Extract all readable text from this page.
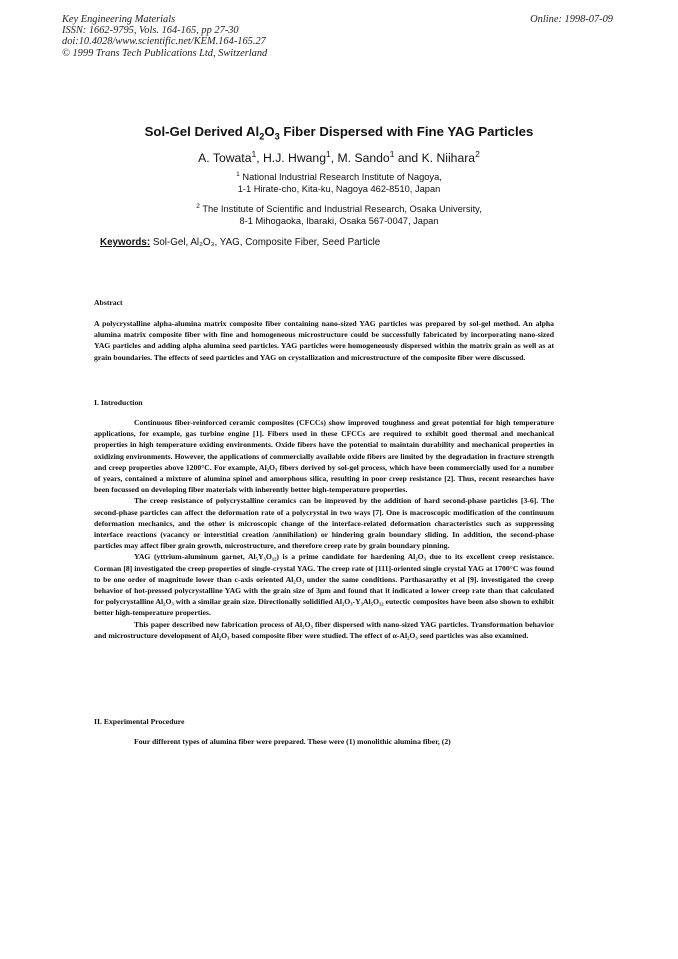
Key Engineering Materials
ISSN: 1662-9795, Vols. 164-165, pp 27-30
doi:10.4028/www.scientific.net/KEM.164-165.27
© 1999 Trans Tech Publications Ltd, Switzerland
Online: 1998-07-09
Sol-Gel Derived $Al_2O_3$ Fiber Dispersed with Fine YAG Particles
A. Towata$^1$, H.J. Hwang$^1$, M. Sando$^1$ and K. Niihara$^2$
$^1$ National Industrial Research Institute of Nagoya,
1-1 Hirate-cho, Kita-ku, Nagoya 462-8510, Japan
$^2$ The Institute of Scientific and Industrial Research, Osaka University,
8-1 Mihogaoka, Ibaraki, Osaka 567-0047, Japan
Keywords: Sol-Gel, Al₂O₃, YAG, Composite Fiber, Seed Particle
Abstract

A polycrystalline alpha-alumina matrix composite fiber containing nano-sized YAG particles was prepared by sol-gel method. An alpha alumina matrix composite fiber with fine and homogeneous microstructure could be successfully fabricated by incorporating nano-sized YAG particles and adding alpha alumina seed particles. YAG particles were homogeneously dispersed within the matrix grain as well as at grain boundaries. The effects of seed particles and YAG on crystallization and microstructure of the composite fiber were discussed.

I. Introduction

Continuous fiber-reinforced ceramic composites (CFCCs) show improved toughness and great potential for high temperature applications, for example, gas turbine engine [1]. Fibers used in these CFCCs are required to exhibit good thermal and mechanical properties in high temperature oxiding environments. Oxide fibers have the potential to maintain durability and mechanical properties in oxidizing environments. However, the applications of commercially available oxide fibers are limited by the degradation in fracture strength and creep properties above 1200°C. For example, Al₂O₃ fibers derived by sol-gel process, which have been commercially used for a number of years, contained a mixture of alumina spinel and amorphous silica, resulting in poor creep resistance [2]. Thus, recent researches have been focussed on developing fiber materials with inherently better high-temperature properties.

The creep resistance of polycrystalline ceramics can be improved by the addition of hard second-phase particles [3-6]. The second-phase particles can affect the deformation rate of a polycrystal in two ways [7]. One is macroscopic modification of the continuum deformation mechanics, and the other is microscopic change of the interface-related deformation characteristics such as suppressing interface reactions (vacancy or interstitial creation /annihilation) or hindering grain boundary sliding. In addition, the second-phase particles may affect fiber grain growth, microstructure, and therefore creep rate by grain boundary pinning.

YAG (yttrium-aluminum garnet, Al₅Y₃O₁₂) is a prime candidate for hardening Al₂O₃ due to its excellent creep resistance. Corman [8] investigated the creep properties of single-crystal YAG. The creep rate of [111]-oriented single crystal YAG at 1700°C was found to be one order of magnitude lower than c-axis oriented Al₂O₃ under the same conditions. Parthasarathy et al [9]. investigated the creep behavior of hot-pressed polycrystalline YAG with the grain size of 3μm and found that it indicated a lower creep rate than that calculated for polycrystalline Al₂O₃ with a similar grain size. Directionally solidified Al₂O₃-Y₃Al₅O₁₂ eutectic composites have been also shown to exhibit better high-temperature properties.

This paper described new fabrication process of Al₂O₃ fiber dispersed with nano-sized YAG particles. Transformation behavior and microstructure development of Al₂O₃ based composite fiber were studied. The effect of α-Al₂O₃ seed particles was also examined.

II. Experimental Procedure

Four different types of alumina fiber were prepared. These were (1) monolithic alumina fiber, (2)
